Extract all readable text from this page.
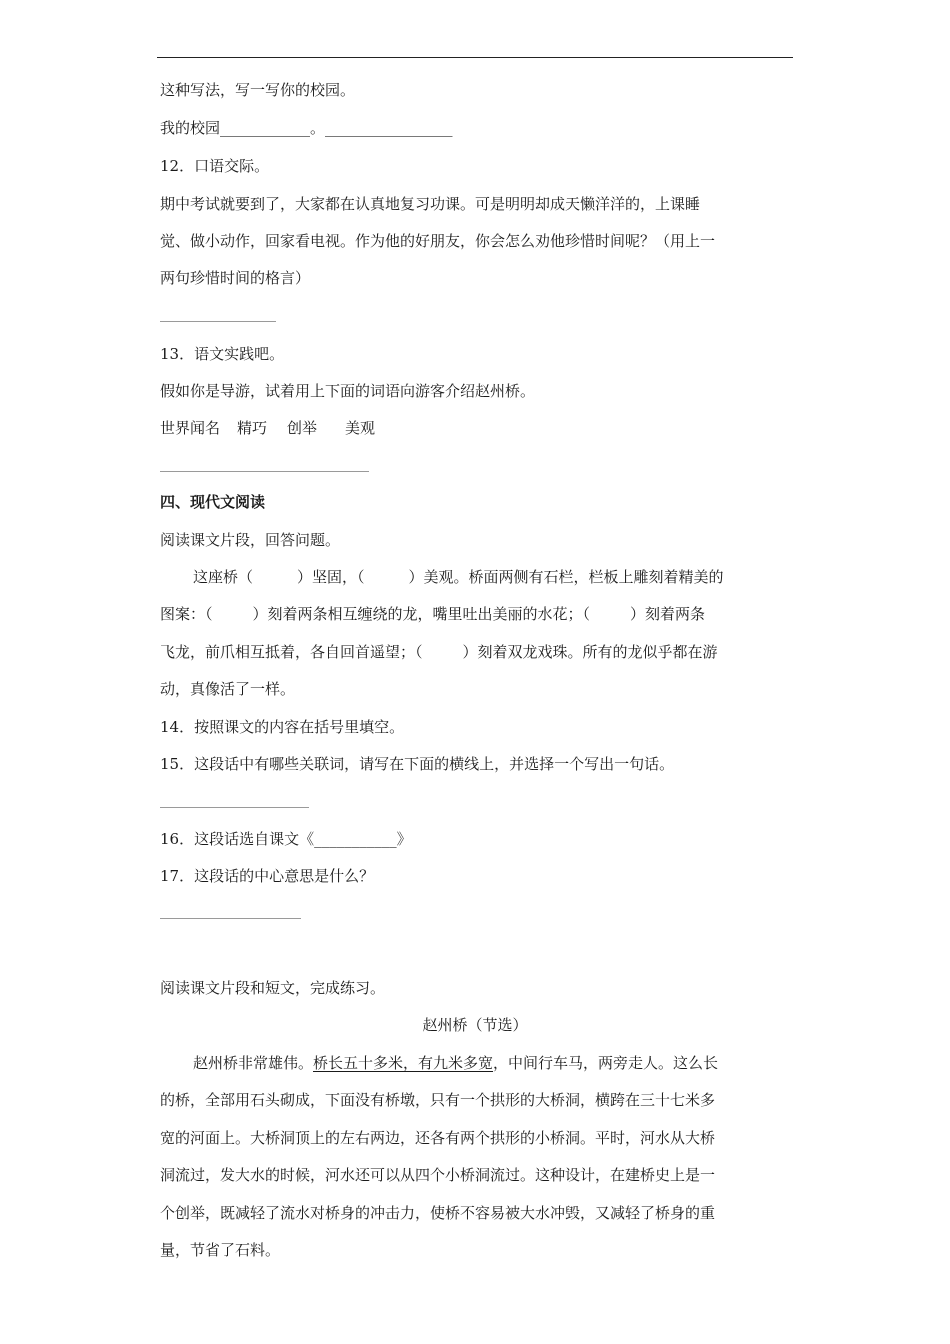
这种写法，写一写你的校园。
我的校园____________。_________________
12．口语交际。
期中考试就要到了，大家都在认真地复习功课。可是明明却成天懒洋洋的，上课睡
觉、做小动作，回家看电视。作为他的好朋友，你会怎么劝他珍惜时间呢？（用上一
两句珍惜时间的格言）
13．语文实践吧。
假如你是导游，试着用上下面的词语向游客介绍赵州桥。
世界闻名 精巧 创举 美观
四、现代文阅读
阅读课文片段，回答问题。
这座桥（	）坚固，（	）美观。桥面两侧有石栏，栏板上雕刻着精美的
图案：（	）刻着两条相互缠绕的龙，嘴里吐出美丽的水花；（	）刻着两条
飞龙，前爪相互抵着，各自回首遥望；（	）刻着双龙戏珠。所有的龙似乎都在游
动，真像活了一样。
14．按照课文的内容在括号里填空。
15．这段话中有哪些关联词，请写在下面的横线上，并选择一个写出一句话。
16．这段话选自课文《___________》
17．这段话的中心意思是什么？
阅读课文片段和短文，完成练习。
赵州桥（节选）
赵州桥非常雄伟。桥长五十多米，有九米多宽，中间行车马，两旁走人。这么长
的桥，全部用石头砌成，下面没有桥墩，只有一个拱形的大桥洞，横跨在三十七米多
宽的河面上。大桥洞顶上的左右两边，还各有两个拱形的小桥洞。平时，河水从大桥
洞流过，发大水的时候，河水还可以从四个小桥洞流过。这种设计，在建桥史上是一
个创举，既减轻了流水对桥身的冲击力，使桥不容易被大水冲毁，又减轻了桥身的重
量，节省了石料。
